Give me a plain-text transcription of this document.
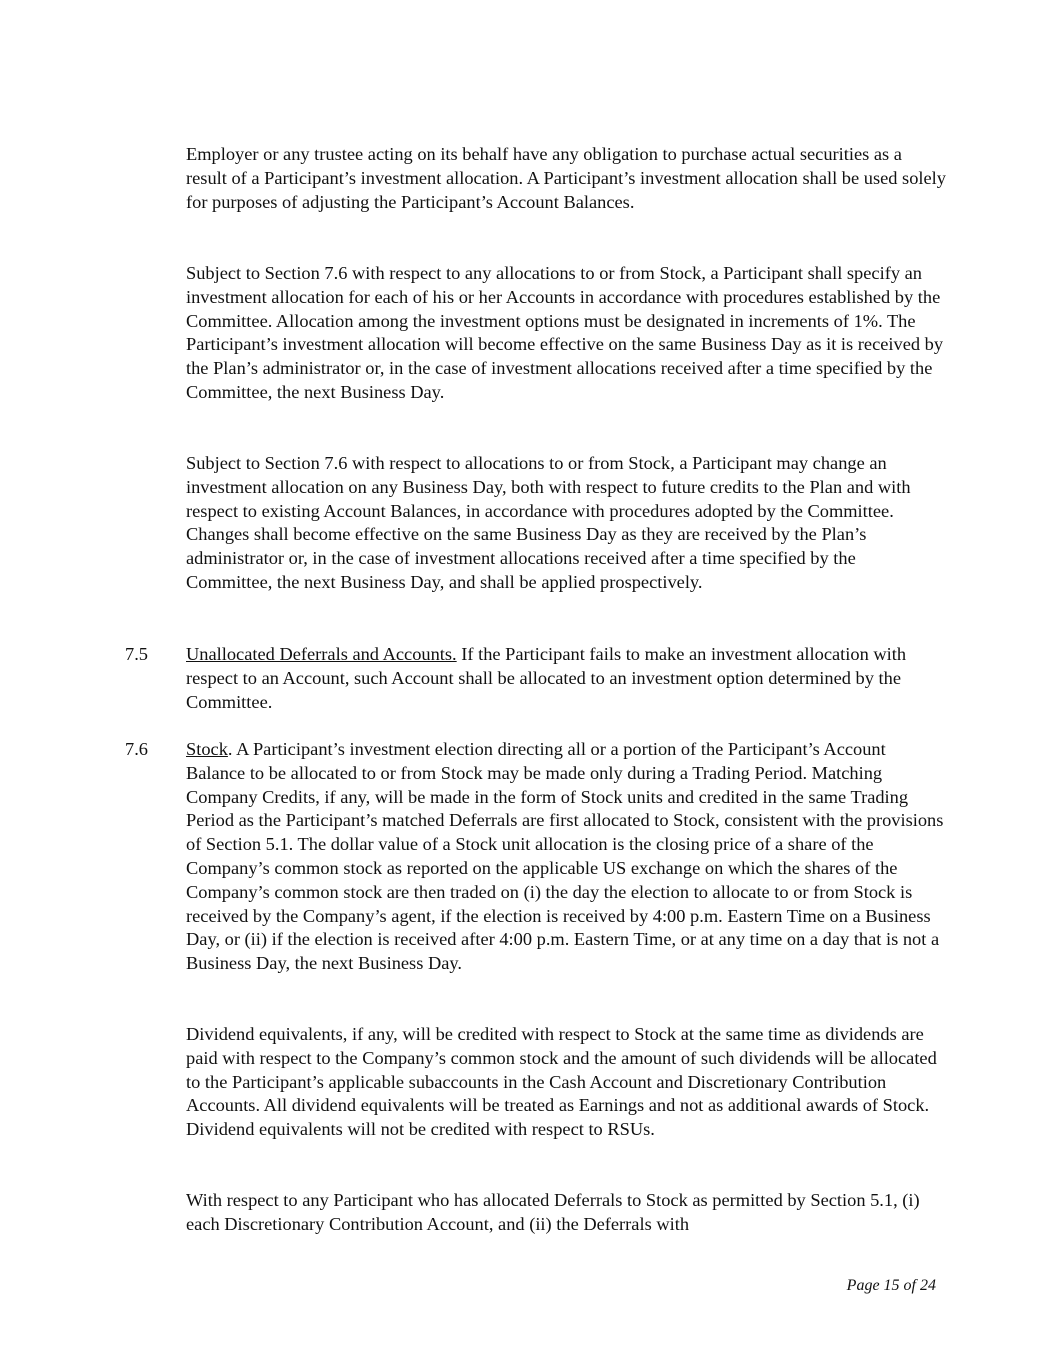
Employer or any trustee acting on its behalf have any obligation to purchase actual securities as a result of a Participant’s investment allocation. A Participant’s investment allocation shall be used solely for purposes of adjusting the Participant’s Account Balances.

Subject to Section 7.6 with respect to any allocations to or from Stock, a Participant shall specify an investment allocation for each of his or her Accounts in accordance with procedures established by the Committee. Allocation among the investment options must be designated in increments of 1%. The Participant’s investment allocation will become effective on the same Business Day as it is received by the Plan’s administrator or, in the case of investment allocations received after a time specified by the Committee, the next Business Day.

Subject to Section 7.6 with respect to allocations to or from Stock, a Participant may change an investment allocation on any Business Day, both with respect to future credits to the Plan and with respect to existing Account Balances, in accordance with procedures adopted by the Committee. Changes shall become effective on the same Business Day as they are received by the Plan’s administrator or, in the case of investment allocations received after a time specified by the Committee, the next Business Day, and shall be applied prospectively.

7.5 Unallocated Deferrals and Accounts. If the Participant fails to make an investment allocation with respect to an Account, such Account shall be allocated to an investment option determined by the Committee.
7.6 Stock. A Participant’s investment election directing all or a portion of the Participant’s Account Balance to be allocated to or from Stock may be made only during a Trading Period. Matching Company Credits, if any, will be made in the form of Stock units and credited in the same Trading Period as the Participant’s matched Deferrals are first allocated to Stock, consistent with the provisions of Section 5.1. The dollar value of a Stock unit allocation is the closing price of a share of the Company’s common stock as reported on the applicable US exchange on which the shares of the Company’s common stock are then traded on (i) the day the election to allocate to or from Stock is received by the Company’s agent, if the election is received by 4:00 p.m. Eastern Time on a Business Day, or (ii) if the election is received after 4:00 p.m. Eastern Time, or at any time on a day that is not a Business Day, the next Business Day.

Dividend equivalents, if any, will be credited with respect to Stock at the same time as dividends are paid with respect to the Company’s common stock and the amount of such dividends will be allocated to the Participant’s applicable subaccounts in the Cash Account and Discretionary Contribution Accounts. All dividend equivalents will be treated as Earnings and not as additional awards of Stock. Dividend equivalents will not be credited with respect to RSUs.

With respect to any Participant who has allocated Deferrals to Stock as permitted by Section 5.1, (i) each Discretionary Contribution Account, and (ii) the Deferrals with

Page 15 of 24
